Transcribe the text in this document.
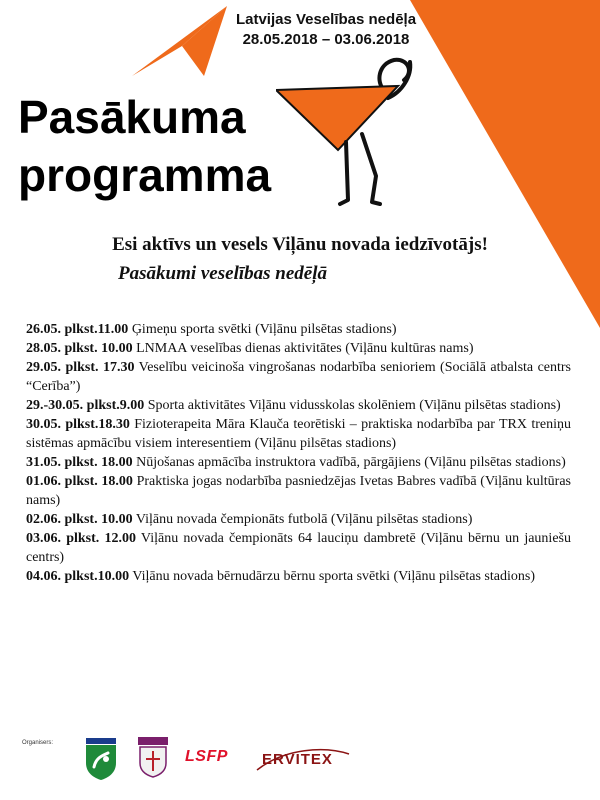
Latvijas Veselības nedēļa
28.05.2018 – 03.06.2018
Pasākuma
programma
Esi aktīvs un vesels Viļānu novada iedzīvotājs!
Pasākumi veselības nedēļā

26.05. plkst.11.00 Ģimeņu sporta svētki (Viļānu pilsētas stadions)

28.05. plkst. 10.00 LNMAA veselības dienas aktivitātes (Viļānu kultūras nams)

29.05. plkst. 17.30 Veselību veicinoša vingrošanas nodarbība senioriem (Sociālā atbalsta centrs “Cerība”)

29.-30.05. plkst.9.00 Sporta aktivitātes Viļānu vidusskolas skolēniem (Viļānu pilsētas stadions)

30.05. plkst.18.30 Fizioterapeita Māra Klauča teorētiski – praktiska nodarbība par TRX treniņu sistēmas apmācību visiem interesentiem (Viļānu pilsētas stadions)

31.05. plkst. 18.00 Nūjošanas apmācība instruktora vadībā, pārgājiens (Viļānu pilsētas stadions)

01.06. plkst. 18.00 Praktiska jogas nodarbība pasniedzējas Ivetas Babres vadībā (Viļānu kultūras nams)

02.06. plkst. 10.00 Viļānu novada čempionāts futbolā (Viļānu pilsētas stadions)

03.06. plkst. 12.00 Viļānu novada čempionāts 64 lauciņu dambretē (Viļānu bērnu un jauniešu centrs)

04.06. plkst.10.00 Viļānu novada bērnudārzu bērnu sporta svētki (Viļānu pilsētas stadions)

Organisers:
LSFP ERVITEX
